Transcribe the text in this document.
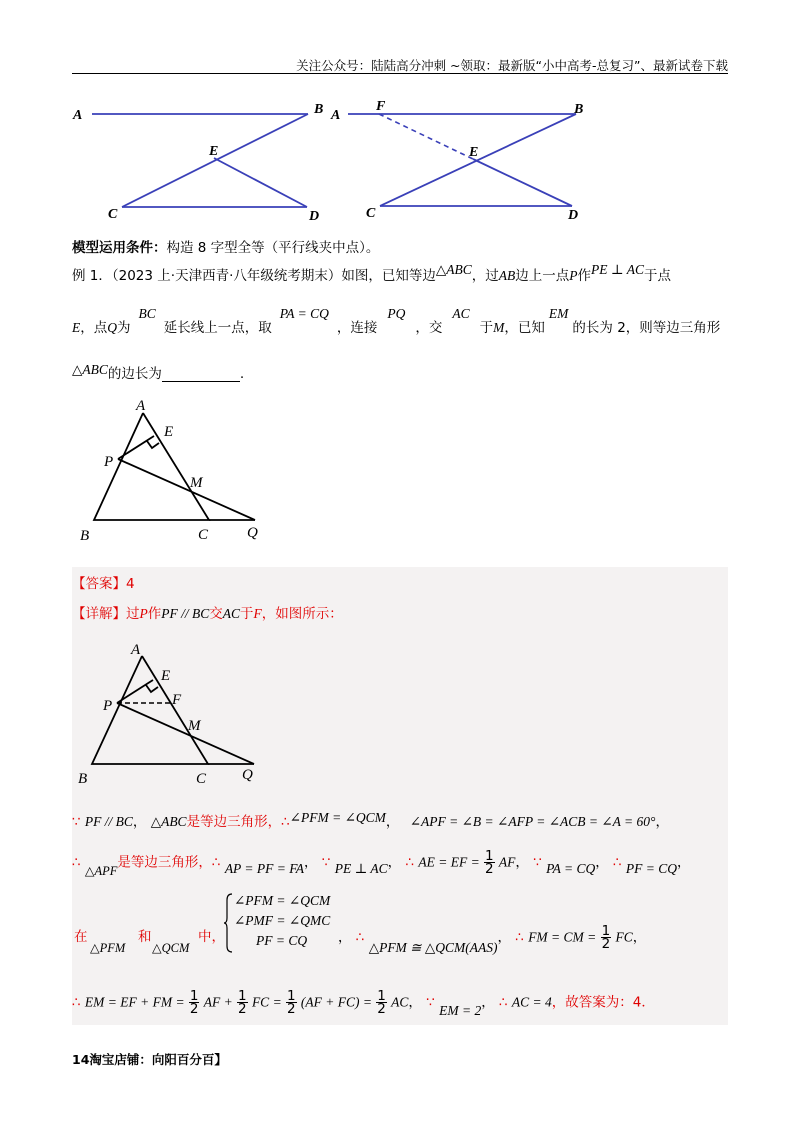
关注公众号：陆陆高分冲刺 ~领取：最新版“小中高考-总复习”、最新试卷下载
A	B
E
C	D
A
F	B
E
C	D
模型运用条件：构造 8 字型全等（平行线夹中点）。
例 1．（2023 上·天津西青·八年级统考期末）如图，已知等边△ABC，过AB边上一点P作PE ⊥ AC于点
E，点Q为BC延长线上一点，取PA = CQ，连接PQ，交AC于M，已知EM的长为 2，则等边三角形
△ABC的边长为	.
A
E
P
M
B	C	Q
【答案】4
【详解】过P作PF // BC交AC于F，如图所示：
A
E
F
P
M
B	C Q
∵ PF // BC， △ABC是等边三角形，∴∠PFM = ∠QCM， ∠APF = ∠B = ∠AFP = ∠ACB = ∠A = 60°，
∴ △APF是等边三角形，∴ AP = PF = FA， ∵ PE ⊥ AC， ∴ AE = EF = $\frac{1}{2}$ AF， ∵ PA = CQ， ∴ PF = CQ，
在
△PFM
和
△QCM
中，
∠PFM = ∠QCM
∠PMF = ∠QMC
PF = CQ ， ∴ △PFM ≅ △QCM(AAS)， ∴ FM = CM = $\frac{1}{2}$ FC，
∴ EM = EF + FM = $\frac{1}{2}$ AF + $\frac{1}{2}$ FC = $\frac{1}{2} (AF + FC) = \frac{1}{2}$ AC， ∵ EM = 2， ∴ AC = 4，故答案为：4．
14淘宝店铺：向阳百分百】
